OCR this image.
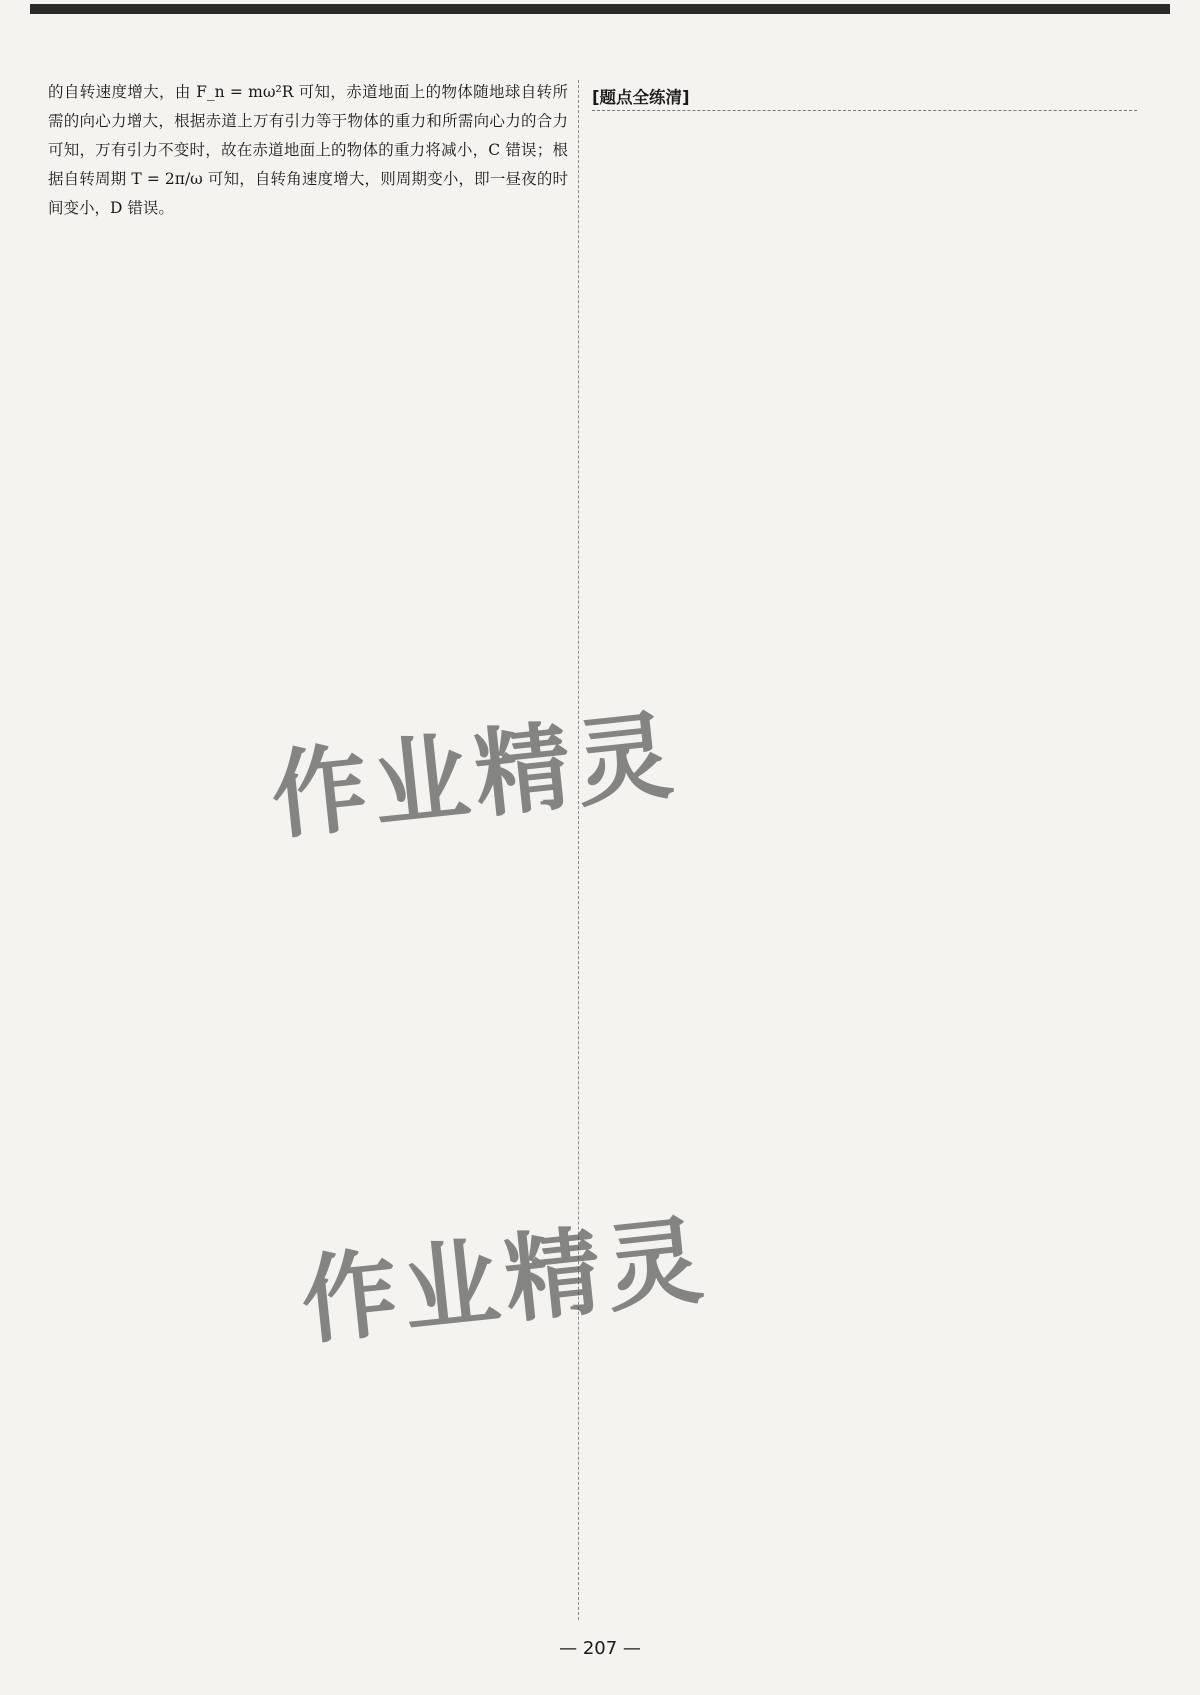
的自转速度增大，由 F_n = mω²R 可知，赤道地面上的物体随地球自转所需的向心力增大，根据赤道上万有引力等于物体的重力和所需向心力的合力可知，万有引力不变时，故在赤道地面上的物体的重力将减小，C 错误；根据自转周期 T = 2π/ω 可知，自转角速度增大，则周期变小，即一昼夜的时间变小，D 错误。

[题点全练清]
作业精灵
作业精灵
— 207 —
